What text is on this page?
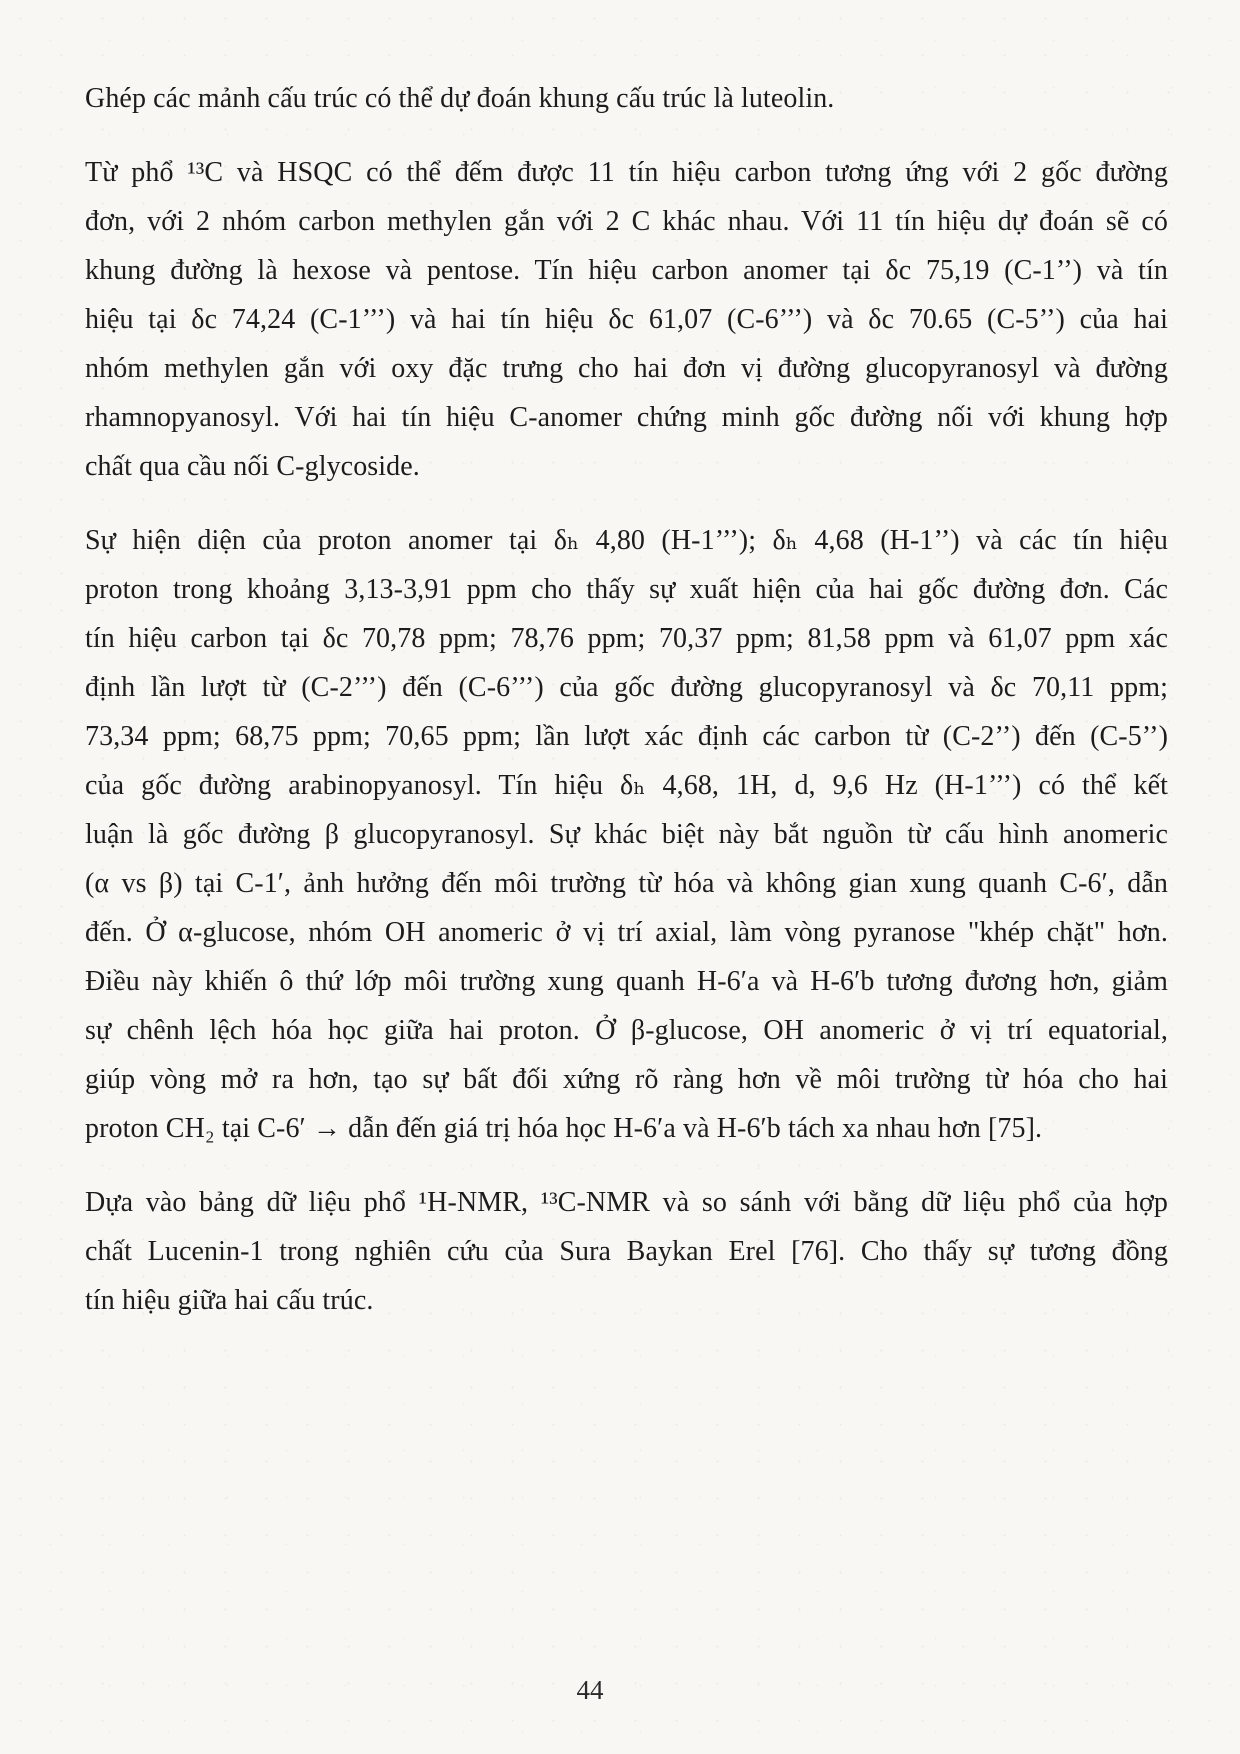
Ghép các mảnh cấu trúc có thể dự đoán khung cấu trúc là luteolin.
Từ phổ ¹³C và HSQC có thể đếm được 11 tín hiệu carbon tương ứng với 2 gốc đường
đơn, với 2 nhóm carbon methylen gắn với 2 C khác nhau. Với 11 tín hiệu dự đoán sẽ có
khung đường là hexose và pentose. Tín hiệu carbon anomer tại δc 75,19 (C-1’’) và tín
hiệu tại δc 74,24 (C-1’’’) và hai tín hiệu δc 61,07 (C-6’’’) và δc 70.65 (C-5’’) của hai
nhóm methylen gắn với oxy đặc trưng cho hai đơn vị đường glucopyranosyl và đường
rhamnopyanosyl. Với hai tín hiệu C-anomer chứng minh gốc đường nối với khung hợp
chất qua cầu nối C-glycoside.
Sự hiện diện của proton anomer tại δₕ 4,80 (H-1’’’); δₕ 4,68 (H-1’’) và các tín hiệu
proton trong khoảng 3,13-3,91 ppm cho thấy sự xuất hiện của hai gốc đường đơn. Các
tín hiệu carbon tại δc 70,78 ppm; 78,76 ppm; 70,37 ppm; 81,58 ppm và 61,07 ppm xác
định lần lượt từ (C-2’’’) đến (C-6’’’) của gốc đường glucopyranosyl và δc 70,11 ppm;
73,34 ppm; 68,75 ppm; 70,65 ppm; lần lượt xác định các carbon từ (C-2’’) đến (C-5’’)
của gốc đường arabinopyanosyl. Tín hiệu δₕ 4,68, 1H, d, 9,6 Hz (H-1’’’) có thể kết
luận là gốc đường β glucopyranosyl. Sự khác biệt này bắt nguồn từ cấu hình anomeric
(α vs β) tại C-1′, ảnh hưởng đến môi trường từ hóa và không gian xung quanh C-6′, dẫn
đến. Ở α-glucose, nhóm OH anomeric ở vị trí axial, làm vòng pyranose "khép chặt" hơn.
Điều này khiến ô thứ lớp môi trường xung quanh H-6′a và H-6′b tương đương hơn, giảm
sự chênh lệch hóa học giữa hai proton. Ở β-glucose, OH anomeric ở vị trí equatorial,
giúp vòng mở ra hơn, tạo sự bất đối xứng rõ ràng hơn về môi trường từ hóa cho hai
proton CH₂ tại C-6′ → dẫn đến giá trị hóa học H-6′a và H-6′b tách xa nhau hơn [75].
Dựa vào bảng dữ liệu phổ ¹H-NMR, ¹³C-NMR và so sánh với bằng dữ liệu phổ của hợp
chất Lucenin-1 trong nghiên cứu của Sura Baykan Erel [76]. Cho thấy sự tương đồng
tín hiệu giữa hai cấu trúc.
44
